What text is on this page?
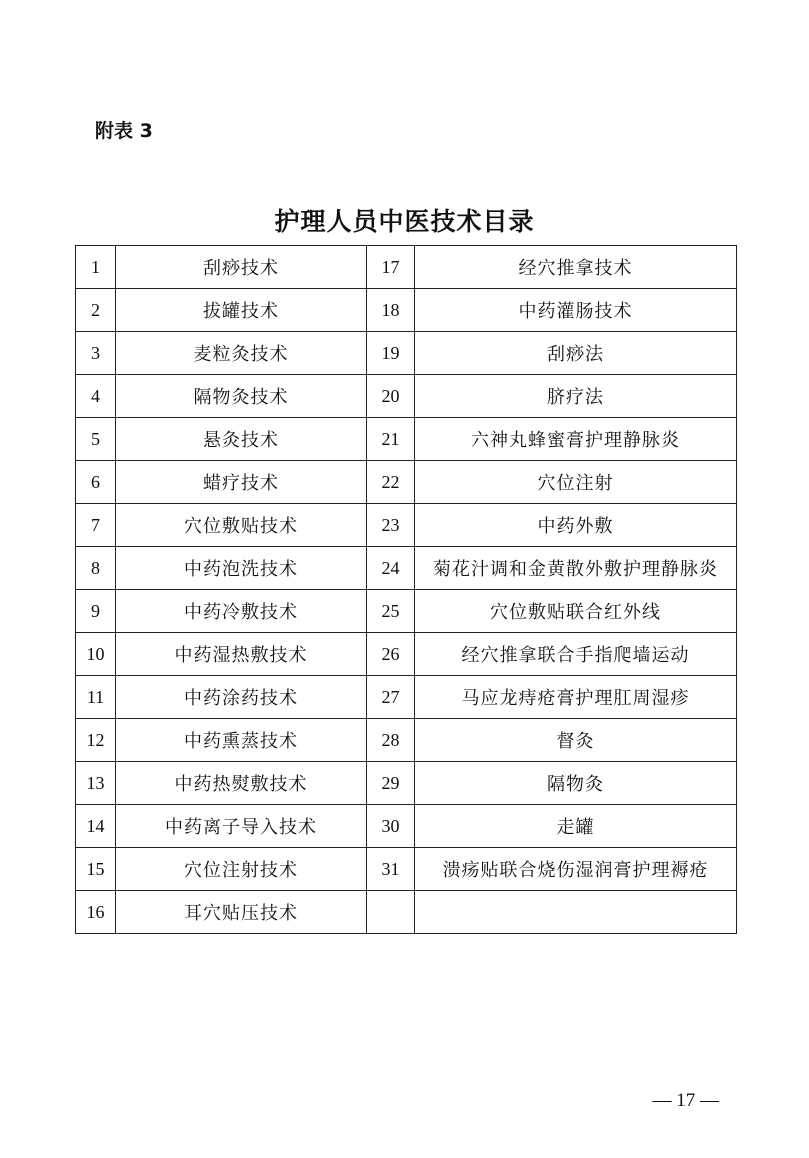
附表 3
护理人员中医技术目录
1	刮痧技术	17	经穴推拿技术
2	拔罐技术	18	中药灌肠技术
3	麦粒灸技术	19	刮痧法
4	隔物灸技术	20	脐疗法
5	悬灸技术	21	六神丸蜂蜜膏护理静脉炎
6	蜡疗技术	22	穴位注射
7	穴位敷贴技术	23	中药外敷
8	中药泡洗技术	24	菊花汁调和金黄散外敷护理静脉炎
9	中药冷敷技术	25	穴位敷贴联合红外线
10	中药湿热敷技术	26	经穴推拿联合手指爬墙运动
11	中药涂药技术	27	马应龙痔疮膏护理肛周湿疹
12	中药熏蒸技术	28	督灸
13	中药热熨敷技术	29	隔物灸
14	中药离子导入技术	30	走罐
15	穴位注射技术	31	溃疡贴联合烧伤湿润膏护理褥疮
16	耳穴贴压技术		
— 17 —
